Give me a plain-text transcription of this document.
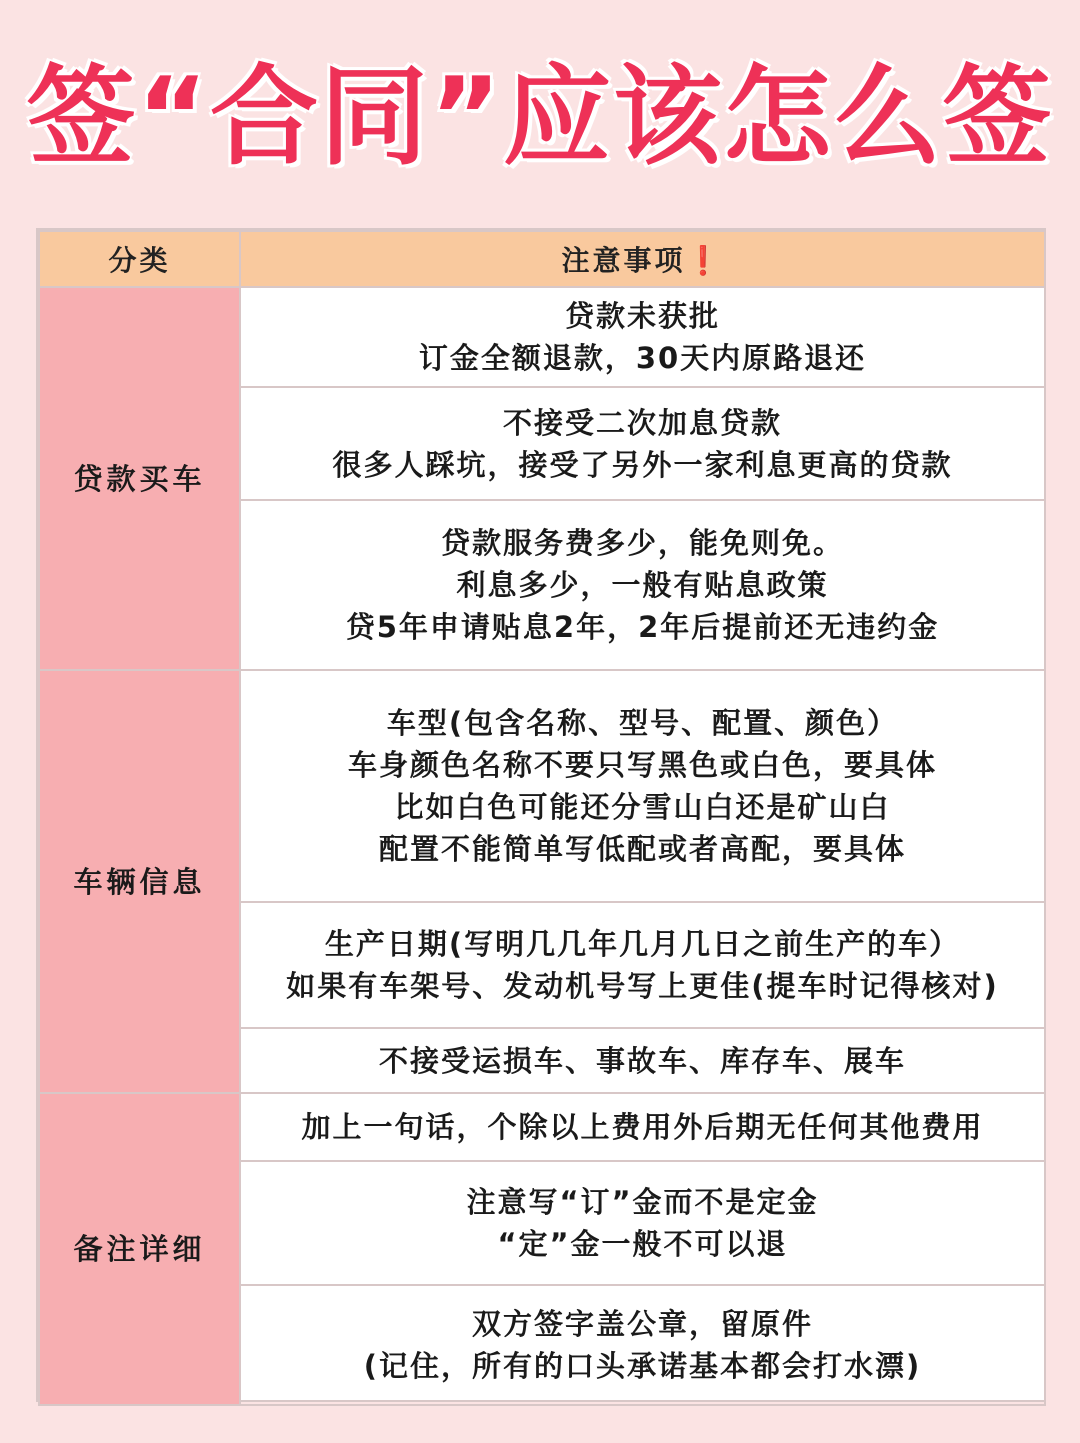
签“合同”应该怎么签
分类	注意事项❗
贷款买车	贷款未获批
订金全额退款，30天内原路退还

	不接受二次加息贷款
很多人踩坑，接受了另外一家利息更高的贷款

	贷款服务费多少，能免则免。
利息多少，一般有贴息政策
贷5年申请贴息2年，2年后提前还无违约金

车辆信息	车型(包含名称、型号、配置、颜色）
车身颜色名称不要只写黑色或白色，要具体
比如白色可能还分雪山白还是矿山白
配置不能简单写低配或者高配，要具体

	生产日期(写明几几年几月几日之前生产的车）
如果有车架号、发动机号写上更佳(提车时记得核对)

	不接受运损车、事故车、库存车、展车

备注详细	加上一句话，个除以上费用外后期无任何其他费用

	注意写“订”金而不是定金
“定”金一般不可以退

	双方签字盖公章，留原件
(记住，所有的口头承诺基本都会打水漂)
